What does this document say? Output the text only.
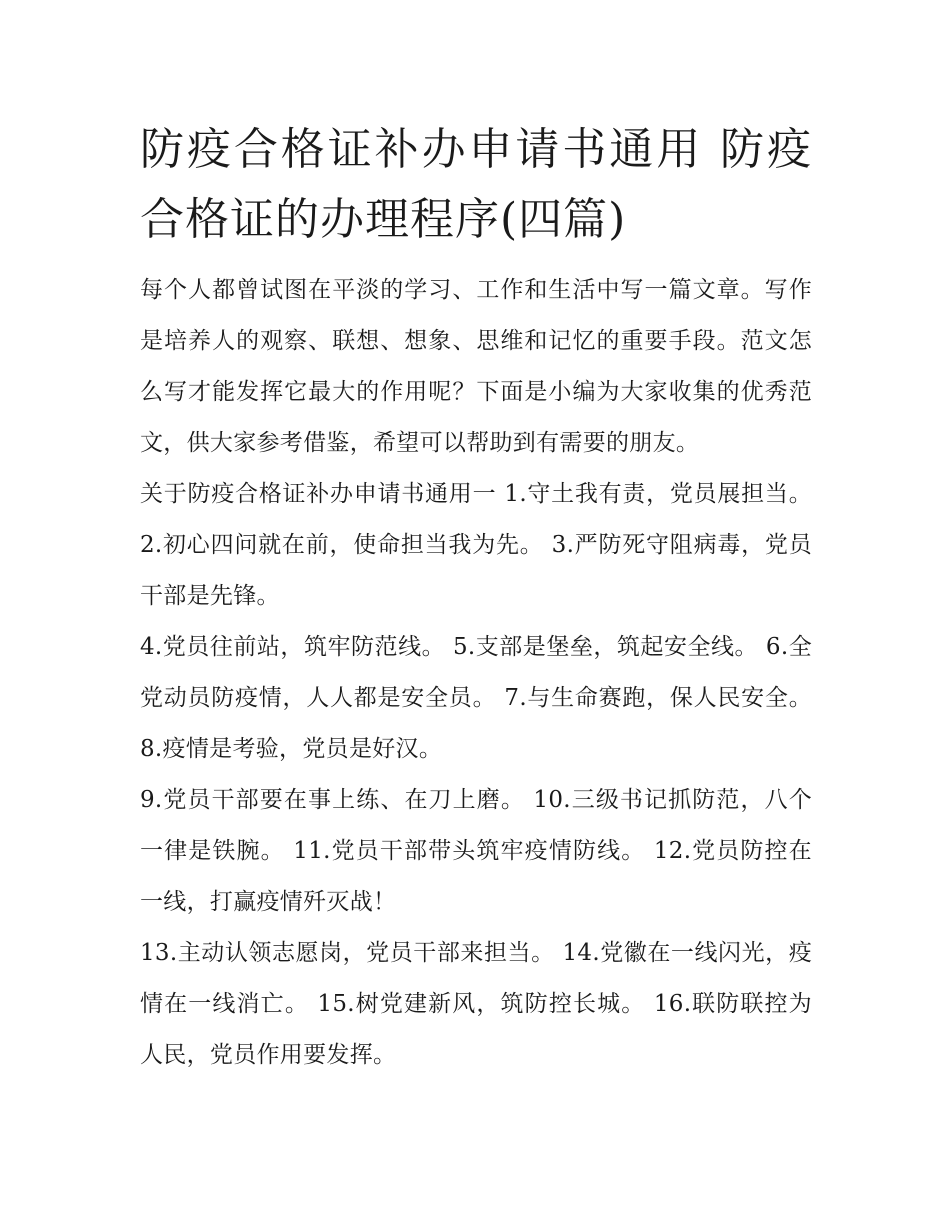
防疫合格证补办申请书通用 防疫合格证的办理程序(四篇)

每个人都曾试图在平淡的学习、工作和生活中写一篇文章。写作是培养人的观察、联想、想象、思维和记忆的重要手段。范文怎么写才能发挥它最大的作用呢？下面是小编为大家收集的优秀范文，供大家参考借鉴，希望可以帮助到有需要的朋友。

关于防疫合格证补办申请书通用一 1.守土我有责，党员展担当。 2.初心四问就在前，使命担当我为先。 3.严防死守阻病毒，党员干部是先锋。

4.党员往前站，筑牢防范线。 5.支部是堡垒，筑起安全线。 6.全党动员防疫情，人人都是安全员。 7.与生命赛跑，保人民安全。 8.疫情是考验，党员是好汉。

9.党员干部要在事上练、在刀上磨。 10.三级书记抓防范，八个一律是铁腕。 11.党员干部带头筑牢疫情防线。 12.党员防控在一线，打赢疫情歼灭战！

13.主动认领志愿岗，党员干部来担当。 14.党徽在一线闪光，疫情在一线消亡。 15.树党建新风，筑防控长城。 16.联防联控为人民，党员作用要发挥。
